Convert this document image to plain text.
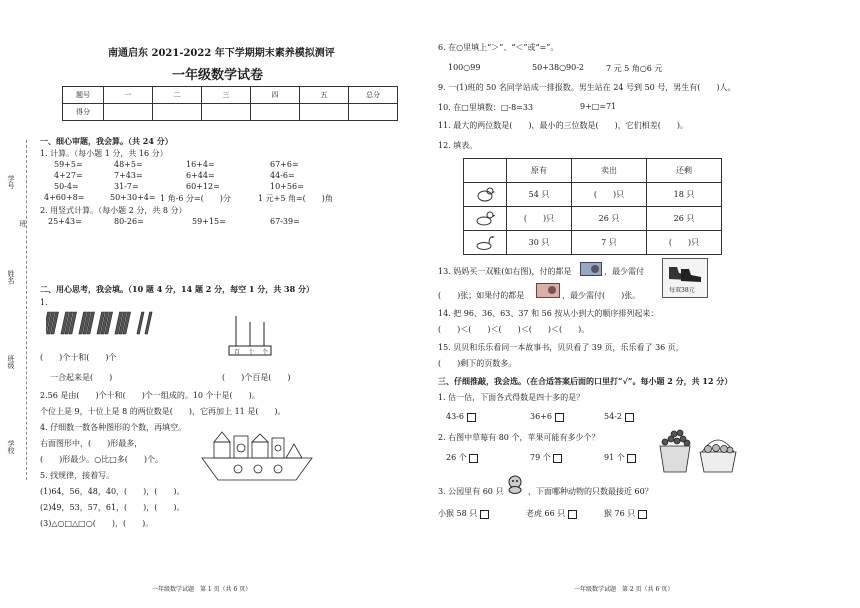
学号
班
姓名
班级
学校
南通启东 2021-2022 年下学期期末素养模拟测评
一年级数学试卷
题号	一	二	三	四	五	总分
得分						
一、细心审题，我会算。（共 24 分）
1. 计算。（每小题 1 分，共 16 分）
59+5=	48+5=	16+4=	67+6=
4+27=	7+43=	6+44=	44-6=
50-4=	31-7=	60+12=	10+56=
4+60+8=	50+30+4= 1 角-6 分=(　　)分	1 元+5 角=(　　)角
2. 用竖式计算。（每小题 2 分，共 8 分）
25+43=	80-26=	59+15=	67-39=
二、用心思考，我会填。（10 题 4 分，14 题 2 分，每空 1 分，共 38 分）
1.
百 十 个
(　　)个十和(　　)个
一合起来是(　　)	(　　)个百是(　　)
2.56 是由(　　)个十和(　　)个一组成的。10 个十是(　　)。
个位上是 9，十位上是 8 的两位数是(　　)，它再加上 11 是(　　)。
4. 仔细数一数各种图形的个数，再填空。
右面图形中，(　　)形最多，
(　　)形最少。○比□多(　　)个。
5. 找规律，接着写。
(1)64，56，48，40，(　　)，(　　)。
(2)49，53，57，61，(　　)，(　　)。
(3)△○□△□○(　　)，(　　)。
一年级数学试题　第 1 页（共 6 页）
6. 在○里填上“＞”、“＜”或“=”。
100○99	50+38○90-2	7 元 5 角○6 元
9. 一(1)班的 50 名同学站成一排报数。男生站在 24 号到 50 号，男生有(　　)人。
10. 在□里填数：□-8=33	9+□=71
11. 最大的两位数是(　　)，最小的三位数是(　　)，它们相差(　　)。
12. 填表。
	原有	卖出	还剩
	54 只	(　　)只	18 只
	(　　)只	26 只	26 只
	30 只	7 只	(　　)只
13. 妈妈买一双鞋(如右图)，付的都是	，最少需付
(　　)张；如果付的都是	，最少需付(　　)张。
每双38元
14. 把 96、36、63、37 和 56 按从小到大的顺序排列起来：
(　　)＜(　　)＜(　　)＜(　　)＜(　　)。
15. 贝贝和乐乐看同一本故事书，贝贝看了 39 页，乐乐看了 36 页，
(　　)剩下的页数多。
三、仔细推敲，我会选。（在合适答案后面的口里打“√”。每小题 2 分，共 12 分）
1. 估一估，下面各式得数是四十多的是？
43-6	36+6	54-2
2. 右图中草莓有 80 个，苹果可能有多少个？
26 个	79 个	91 个
3. 公园里有 60 只	，下面哪种动物的只数最接近 60？
小猴 58 只	老虎 66 只	猴 76 只
一年级数学试题　第 2 页（共 6 页）
